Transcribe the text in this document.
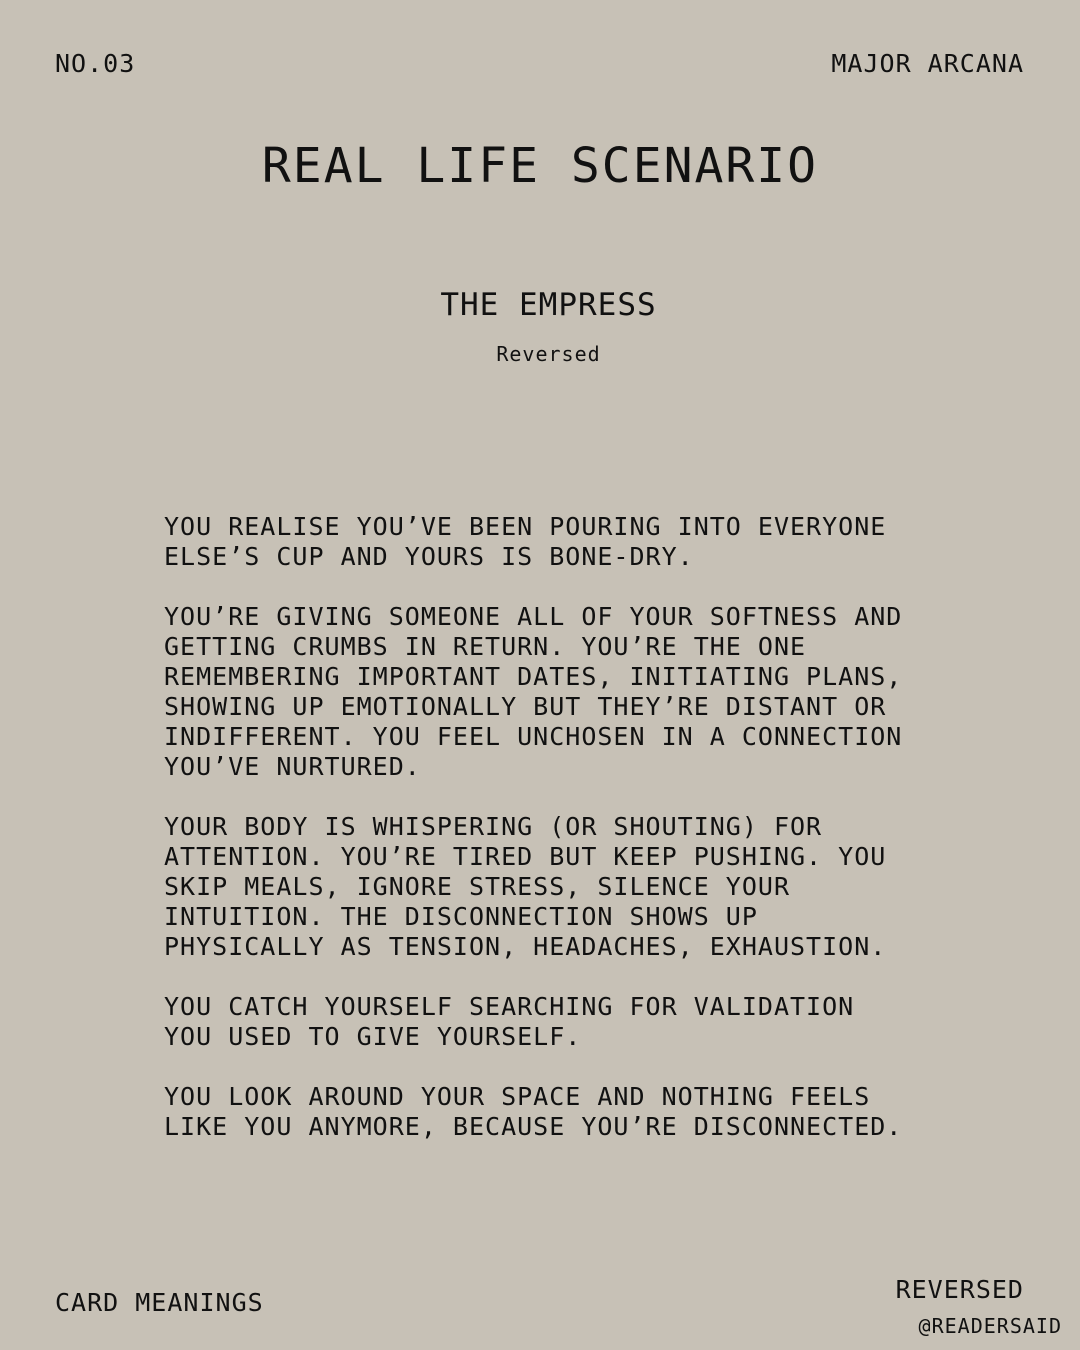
NO.03	MAJOR ARCANA
REAL LIFE SCENARIO
THE EMPRESS
Reversed

YOU REALISE YOU’VE BEEN POURING INTO EVERYONE
ELSE’S CUP AND YOURS IS BONE-DRY.

YOU’RE GIVING SOMEONE ALL OF YOUR SOFTNESS AND
GETTING CRUMBS IN RETURN. YOU’RE THE ONE
REMEMBERING IMPORTANT DATES, INITIATING PLANS,
SHOWING UP EMOTIONALLY BUT THEY’RE DISTANT OR
INDIFFERENT. YOU FEEL UNCHOSEN IN A CONNECTION
YOU’VE NURTURED.

YOUR BODY IS WHISPERING (OR SHOUTING) FOR
ATTENTION. YOU’RE TIRED BUT KEEP PUSHING. YOU
SKIP MEALS, IGNORE STRESS, SILENCE YOUR
INTUITION. THE DISCONNECTION SHOWS UP
PHYSICALLY AS TENSION, HEADACHES, EXHAUSTION.

YOU CATCH YOURSELF SEARCHING FOR VALIDATION
YOU USED TO GIVE YOURSELF.

YOU LOOK AROUND YOUR SPACE AND NOTHING FEELS
LIKE YOU ANYMORE, BECAUSE YOU’RE DISCONNECTED.

CARD MEANINGS	REVERSED
@READERSAID
